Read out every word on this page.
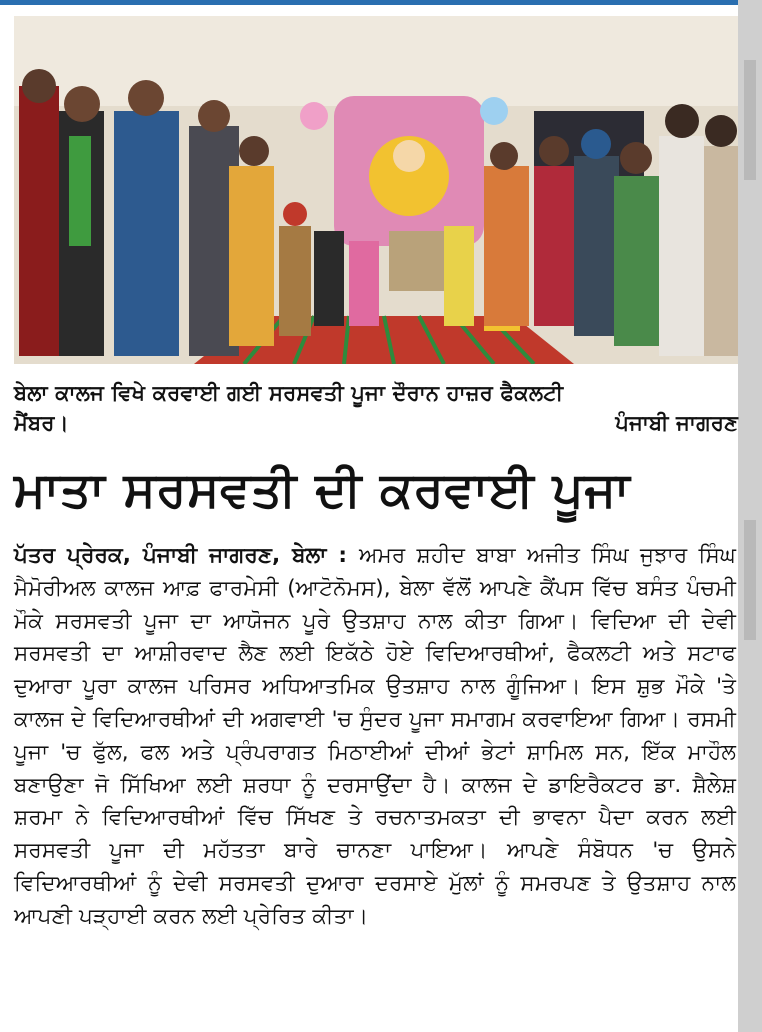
ਬੇਲਾ ਕਾਲਜ ਵਿਖੇ ਕਰਵਾਈ ਗਈ ਸਰਸਵਤੀ ਪੂਜਾ ਦੌਰਾਨ ਹਾਜ਼ਰ ਫੈਕਲਟੀ
ਮੈਂਬਰ।	ਪੰਜਾਬੀ ਜਾਗਰਣ
ਮਾਤਾ ਸਰਸਵਤੀ ਦੀ ਕਰਵਾਈ ਪੂਜਾ
ਪੱਤਰ ਪ੍ਰੇਰਕ, ਪੰਜਾਬੀ ਜਾਗਰਣ, ਬੇਲਾ : ਅਮਰ ਸ਼ਹੀਦ ਬਾਬਾ ਅਜੀਤ ਸਿੰਘ ਜੁਝਾਰ ਸਿੰਘ ਮੈਮੋਰੀਅਲ ਕਾਲਜ ਆਫ਼ ਫਾਰਮੇਸੀ (ਆਟੋਨੋਮਸ), ਬੇਲਾ ਵੱਲੋਂ ਆਪਣੇ ਕੈਂਪਸ ਵਿੱਚ ਬਸੰਤ ਪੰਚਮੀ ਮੌਕੇ ਸਰਸਵਤੀ ਪੂਜਾ ਦਾ ਆਯੋਜਨ ਪੂਰੇ ਉਤਸ਼ਾਹ ਨਾਲ ਕੀਤਾ ਗਿਆ। ਵਿਦਿਆ ਦੀ ਦੇਵੀ ਸਰਸਵਤੀ ਦਾ ਆਸ਼ੀਰਵਾਦ ਲੈਣ ਲਈ ਇਕੱਠੇ ਹੋਏ ਵਿਦਿਆਰਥੀਆਂ, ਫੈਕਲਟੀ ਅਤੇ ਸਟਾਫ ਦੁਆਰਾ ਪੂਰਾ ਕਾਲਜ ਪਰਿਸਰ ਅਧਿਆਤਮਿਕ ਉਤਸ਼ਾਹ ਨਾਲ ਗੂੰਜਿਆ। ਇਸ ਸ਼ੁਭ ਮੌਕੇ 'ਤੇ ਕਾਲਜ ਦੇ ਵਿਦਿਆਰਥੀਆਂ ਦੀ ਅਗਵਾਈ 'ਚ ਸੁੰਦਰ ਪੂਜਾ ਸਮਾਗਮ ਕਰਵਾਇਆ ਗਿਆ। ਰਸਮੀ ਪੂਜਾ 'ਚ ਫੁੱਲ, ਫਲ ਅਤੇ ਪ੍ਰੰਪਰਾਗਤ ਮਿਠਾਈਆਂ ਦੀਆਂ ਭੇਟਾਂ ਸ਼ਾਮਿਲ ਸਨ, ਇੱਕ ਮਾਹੌਲ ਬਣਾਉਣਾ ਜੋ ਸਿੱਖਿਆ ਲਈ ਸ਼ਰਧਾ ਨੂੰ ਦਰਸਾਉਂਦਾ ਹੈ। ਕਾਲਜ ਦੇ ਡਾਇਰੈਕਟਰ ਡਾ. ਸ਼ੈਲੇਸ਼ ਸ਼ਰਮਾ ਨੇ ਵਿਦਿਆਰਥੀਆਂ ਵਿੱਚ ਸਿੱਖਣ ਤੇ ਰਚਨਾਤਮਕਤਾ ਦੀ ਭਾਵਨਾ ਪੈਦਾ ਕਰਨ ਲਈ ਸਰਸਵਤੀ ਪੂਜਾ ਦੀ ਮਹੱਤਤਾ ਬਾਰੇ ਚਾਨਣਾ ਪਾਇਆ। ਆਪਣੇ ਸੰਬੋਧਨ 'ਚ ਉਸਨੇ ਵਿਦਿਆਰਥੀਆਂ ਨੂੰ ਦੇਵੀ ਸਰਸਵਤੀ ਦੁਆਰਾ ਦਰਸਾਏ ਮੁੱਲਾਂ ਨੂੰ ਸਮਰਪਣ ਤੇ ਉਤਸ਼ਾਹ ਨਾਲ ਆਪਣੀ ਪੜ੍ਹਾਈ ਕਰਨ ਲਈ ਪ੍ਰੇਰਿਤ ਕੀਤਾ।
